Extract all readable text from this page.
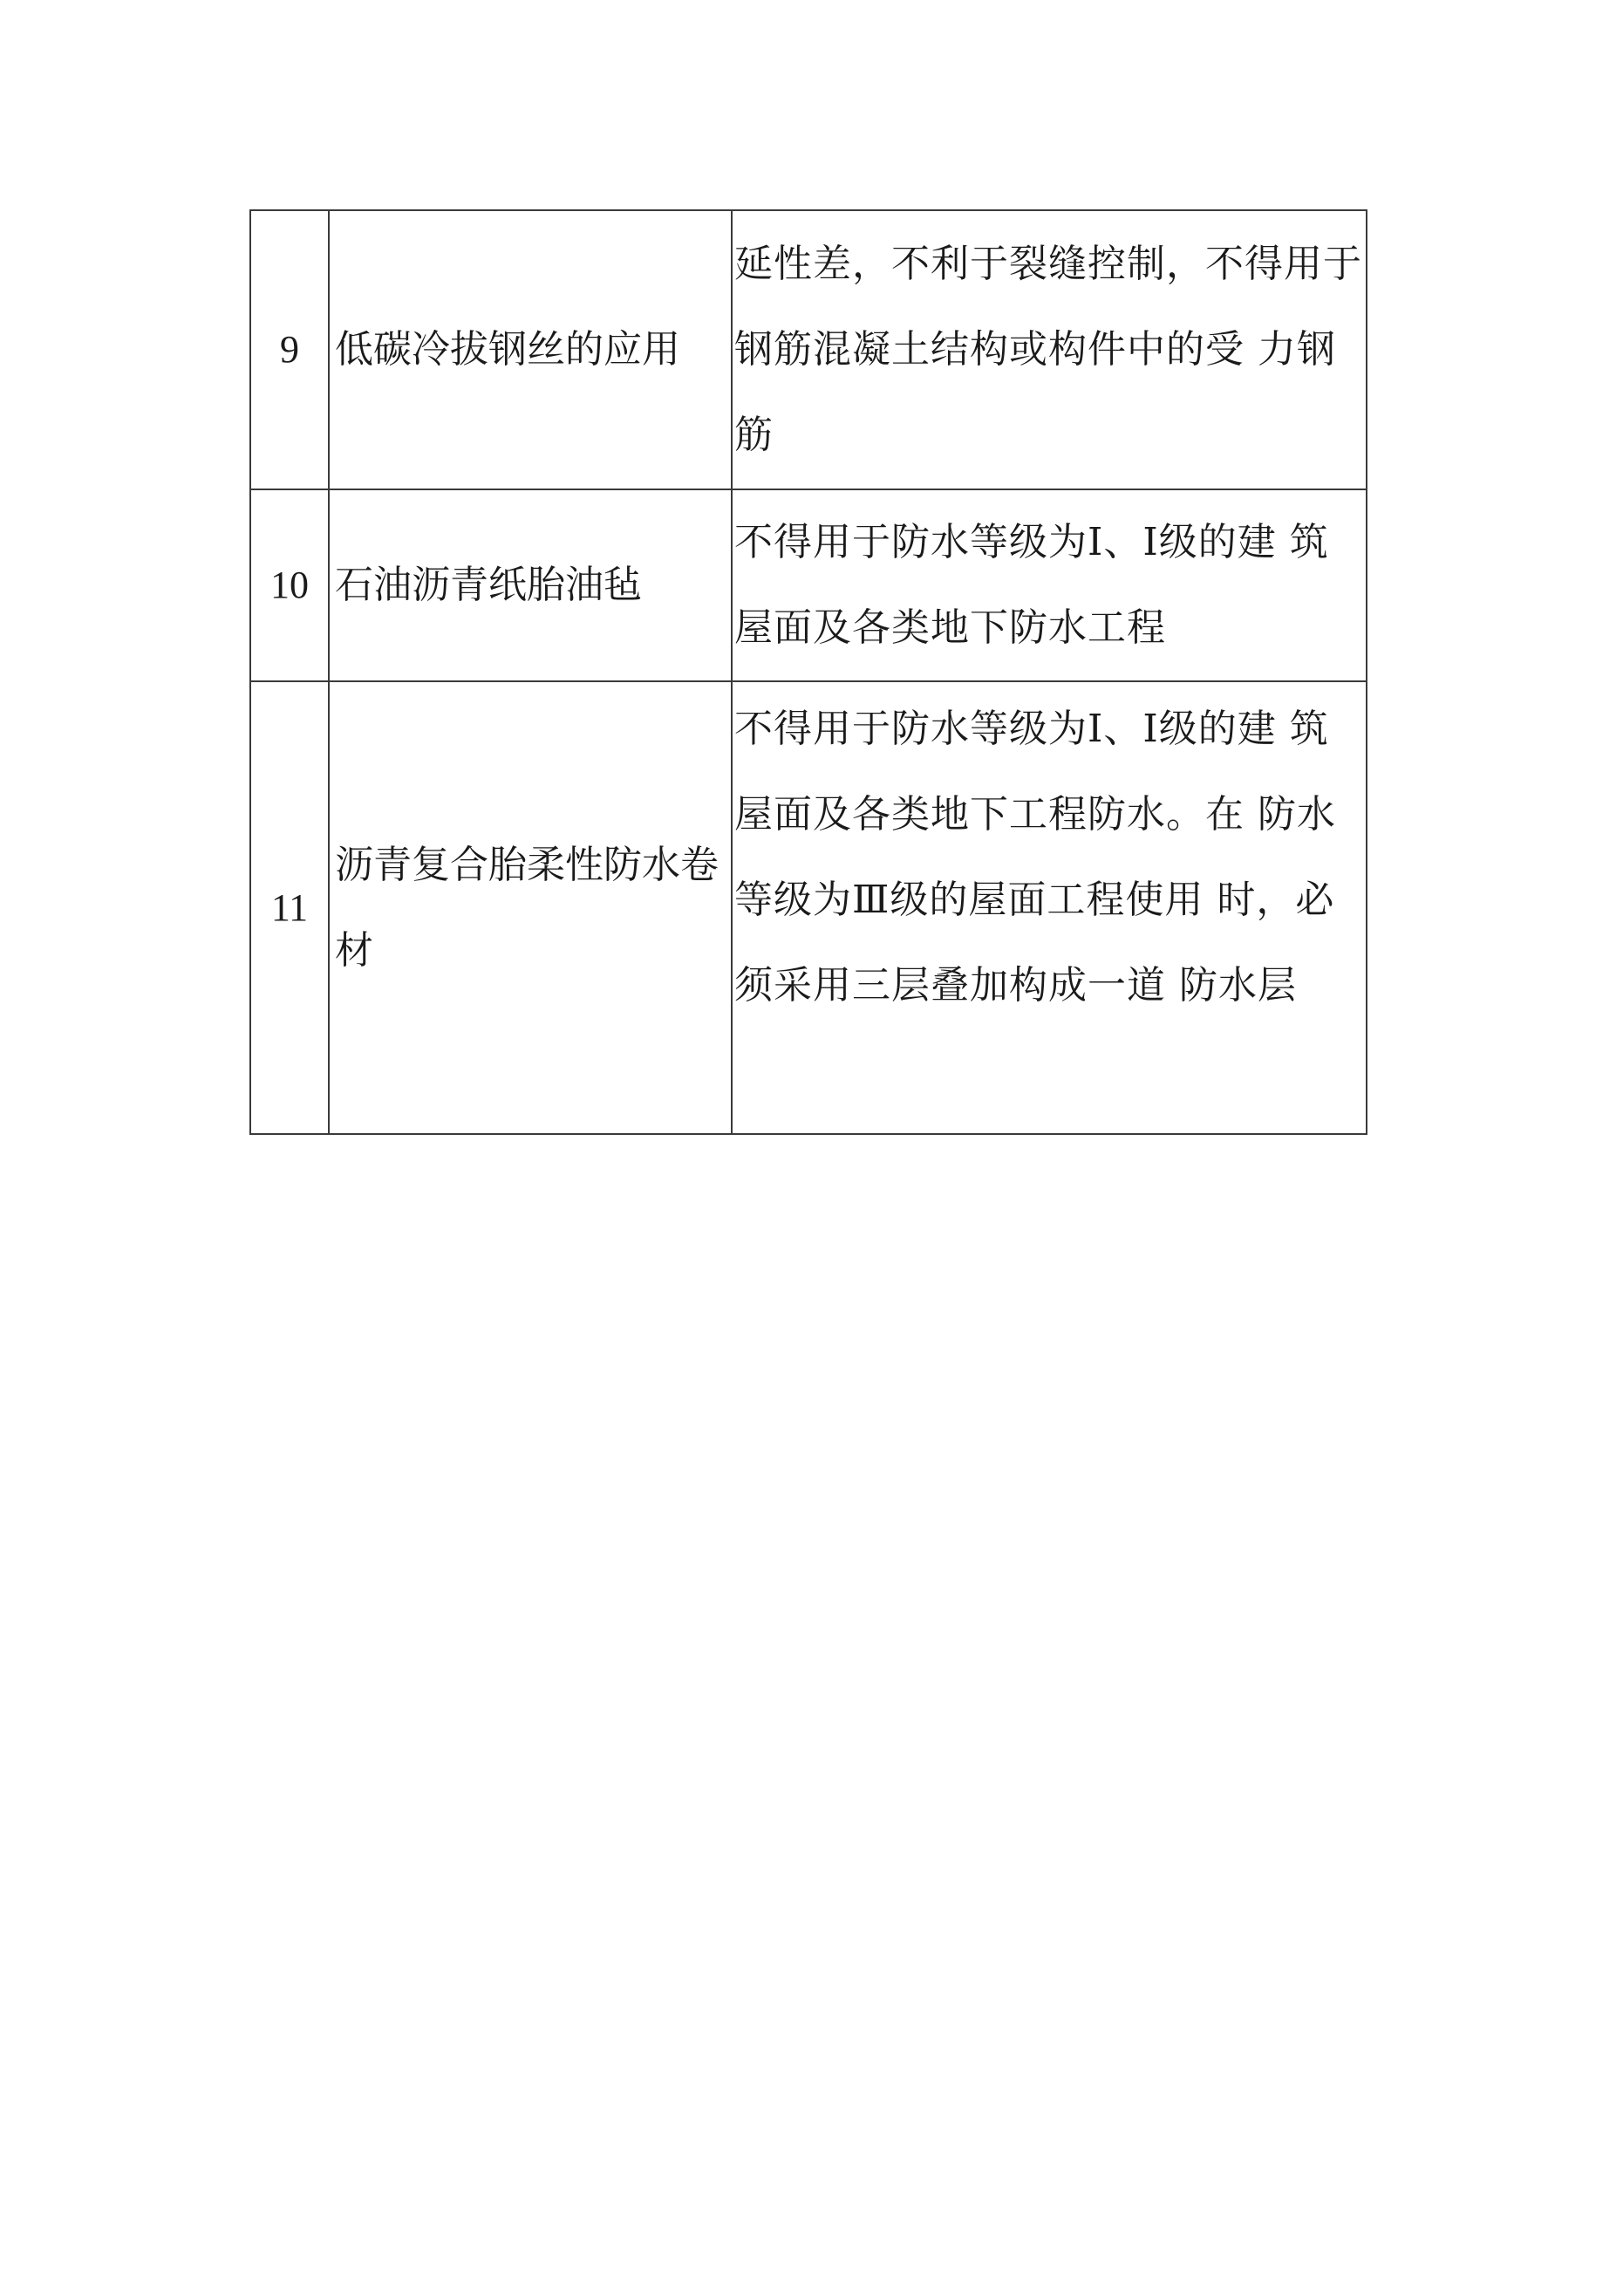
9	低碳冷拔钢丝的应用	延性差，不利于裂缝控制，不得用于钢筋混凝土结构或构件中的受 力钢筋

10	石油沥青纸胎油毡	不得用于防水等级为Ⅰ、Ⅰ级的建 筑屋面及各类地下防水工程

11	沥青复合胎柔性防水卷材	不得用于防水等级为Ⅰ、Ⅰ级的建 筑屋面及各类地下工程防水。在 防水等级为Ⅲ级的屋面工程使用 时，必须采用三层叠加构成一道 防水层
